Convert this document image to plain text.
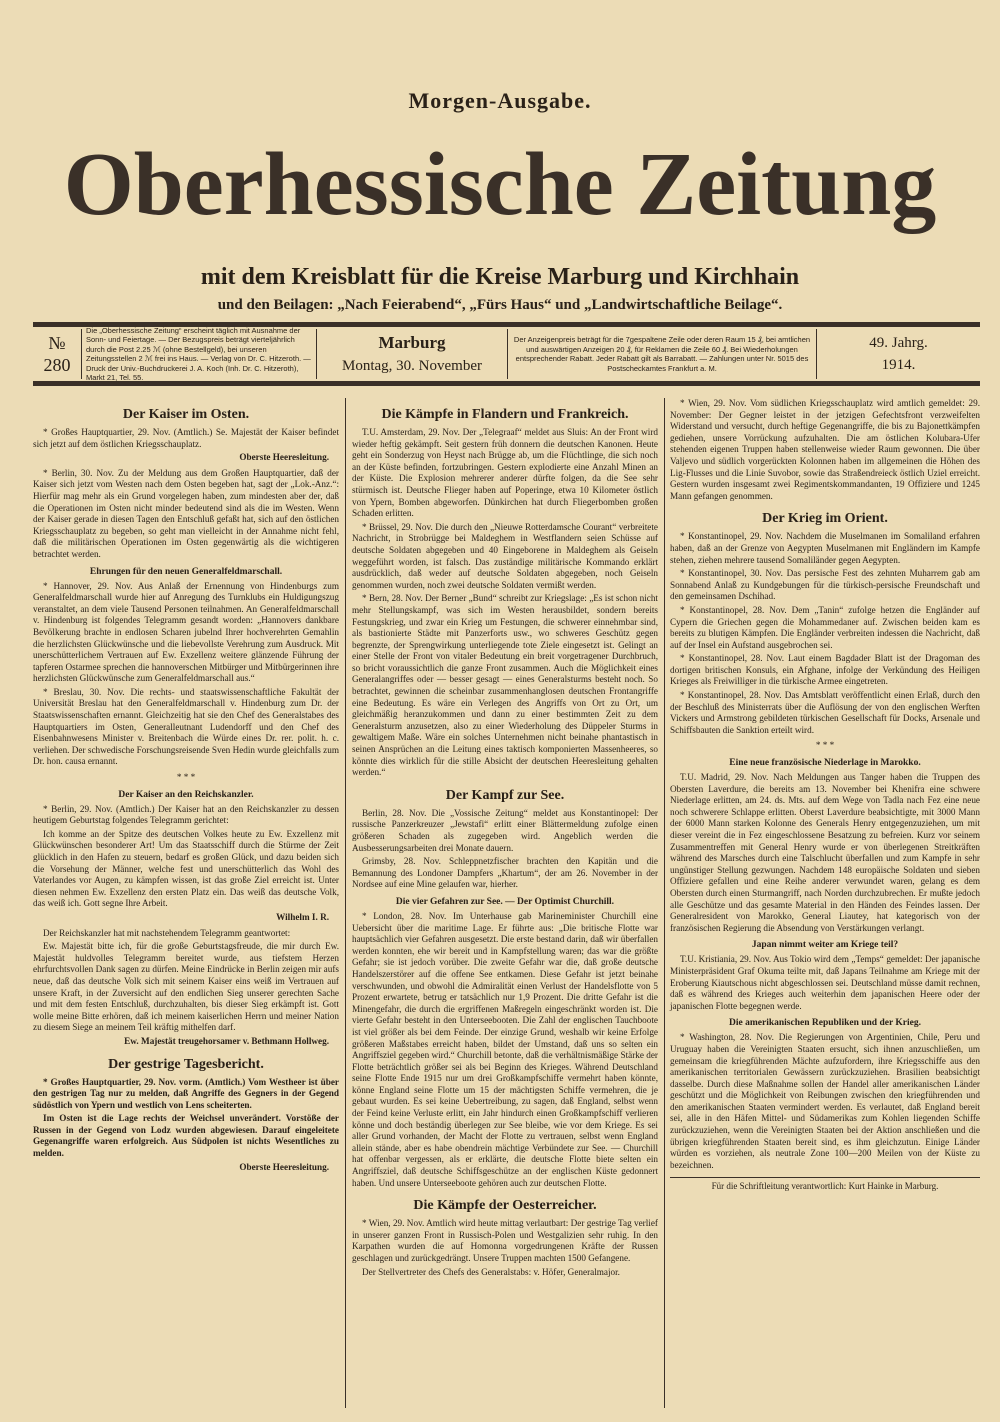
Morgen-Ausgabe.
Oberhessische Zeitung
mit dem Kreisblatt für die Kreise Marburg und Kirchhain
und den Beilagen: „Nach Feierabend“, „Fürs Haus“ und „Landwirtschaftliche Beilage“.
№ 280
Die „Oberhessische Zeitung“ erscheint täglich mit Ausnahme der Sonn- und Feiertage. — Der Bezugspreis beträgt vierteljährlich durch die Post 2.25 ℳ (ohne Bestellgeld), bei unseren Zeitungsstellen 2 ℳ frei ins Haus. — Verlag von Dr. C. Hitzeroth. — Druck der Univ.-Buchdruckerei J. A. Koch (Inh. Dr. C. Hitzeroth), Markt 21, Tel. 55.
Marburg
Montag, 30. November
Der Anzeigenpreis beträgt für die 7gespaltene Zeile oder deren Raum 15 ₰, bei amtlichen und auswärtigen Anzeigen 20 ₰, für Reklamen die Zeile 60 ₰. Bei Wiederholungen entsprechender Rabatt. Jeder Rabatt gilt als Barrabatt. — Zahlungen unter Nr. 5015 des Postscheckamtes Frankfurt a. M.
49. Jahrg.
1914.
Der Kaiser im Osten.

* Großes Hauptquartier, 29. Nov. (Amtlich.) Se. Majestät der Kaiser befindet sich jetzt auf dem östlichen Kriegsschauplatz.

Oberste Heeresleitung.

* Berlin, 30. Nov. Zu der Meldung aus dem Großen Hauptquartier, daß der Kaiser sich jetzt vom Westen nach dem Osten begeben hat, sagt der „Lok.-Anz.“: Hierfür mag mehr als ein Grund vorgelegen haben, zum mindesten aber der, daß die Operationen im Osten nicht minder bedeutend sind als die im Westen. Wenn der Kaiser gerade in diesen Tagen den Entschluß gefaßt hat, sich auf den östlichen Kriegsschauplatz zu begeben, so geht man vielleicht in der Annahme nicht fehl, daß die militärischen Operationen im Osten gegenwärtig als die wichtigeren betrachtet werden.

Ehrungen für den neuen Generalfeldmarschall.

* Hannover, 29. Nov. Aus Anlaß der Ernennung von Hindenburgs zum Generalfeldmarschall wurde hier auf Anregung des Turnklubs ein Huldigungszug veranstaltet, an dem viele Tausend Personen teilnahmen. An Generalfeldmarschall v. Hindenburg ist folgendes Telegramm gesandt worden: „Hannovers dankbare Bevölkerung brachte in endlosen Scharen jubelnd Ihrer hochverehrten Gemahlin die herzlichsten Glückwünsche und die liebevollste Verehrung zum Ausdruck. Mit unerschütterlichem Vertrauen auf Ew. Exzellenz weitere glänzende Führung der tapferen Ostarmee sprechen die hannoverschen Mitbürger und Mitbürgerinnen ihre herzlichsten Glückwünsche zum Generalfeldmarschall aus.“

* Breslau, 30. Nov. Die rechts- und staatswissenschaftliche Fakultät der Universität Breslau hat den Generalfeldmarschall v. Hindenburg zum Dr. der Staatswissenschaften ernannt. Gleichzeitig hat sie den Chef des Generalstabes des Hauptquartiers im Osten, Generalleutnant Ludendorff und den Chef des Eisenbahnwesens Minister v. Breitenbach die Würde eines Dr. rer. polit. h. c. verliehen. Der schwedische Forschungsreisende Sven Hedin wurde gleichfalls zum Dr. hon. causa ernannt.

* * *
Der Kaiser an den Reichskanzler.

* Berlin, 29. Nov. (Amtlich.) Der Kaiser hat an den Reichskanzler zu dessen heutigem Geburtstag folgendes Telegramm gerichtet:

Ich komme an der Spitze des deutschen Volkes heute zu Ew. Exzellenz mit Glückwünschen besonderer Art! Um das Staatsschiff durch die Stürme der Zeit glücklich in den Hafen zu steuern, bedarf es großen Glück, und dazu beiden sich die Vorsehung der Männer, welche fest und unerschütterlich das Wohl des Vaterlandes vor Augen, zu kämpfen wissen, ist das große Ziel erreicht ist. Unter diesen nehmen Ew. Exzellenz den ersten Platz ein. Das weiß das deutsche Volk, das weiß ich. Gott segne Ihre Arbeit.

Wilhelm I. R.

Der Reichskanzler hat mit nachstehendem Telegramm geantwortet:

Ew. Majestät bitte ich, für die große Geburtstagsfreude, die mir durch Ew. Majestät huldvolles Telegramm bereitet wurde, aus tiefstem Herzen ehrfurchtsvollen Dank sagen zu dürfen. Meine Eindrücke in Berlin zeigen mir aufs neue, daß das deutsche Volk sich mit seinem Kaiser eins weiß im Vertrauen auf unsere Kraft, in der Zuversicht auf den endlichen Sieg unserer gerechten Sache und mit dem festen Entschluß, durchzuhalten, bis dieser Sieg erkämpft ist. Gott wolle meine Bitte erhören, daß ich meinem kaiserlichen Herrn und meiner Nation zu diesem Siege an meinem Teil kräftig mithelfen darf.

Ew. Majestät treugehorsamer v. Bethmann Hollweg.
Der gestrige Tagesbericht.

* Großes Hauptquartier, 29. Nov. vorm. (Amtlich.) Vom Westheer ist über den gestrigen Tag nur zu melden, daß Angriffe des Gegners in der Gegend südöstlich von Ypern und westlich von Lens scheiterten.

Im Osten ist die Lage rechts der Weichsel unverändert. Vorstöße der Russen in der Gegend von Lodz wurden abgewiesen. Darauf eingeleitete Gegenangriffe waren erfolgreich. Aus Südpolen ist nichts Wesentliches zu melden.

Oberste Heeresleitung.
Die Kämpfe in Flandern und Frankreich.

T.U. Amsterdam, 29. Nov. Der „Telegraaf“ meldet aus Sluis: An der Front wird wieder heftig gekämpft. Seit gestern früh donnern die deutschen Kanonen. Heute geht ein Sonderzug von Heyst nach Brügge ab, um die Flüchtlinge, die sich noch an der Küste befinden, fortzubringen. Gestern explodierte eine Anzahl Minen an der Küste. Die Explosion mehrerer anderer dürfte folgen, da die See sehr stürmisch ist. Deutsche Flieger haben auf Poperinge, etwa 10 Kilometer östlich von Ypern, Bomben abgeworfen. Dünkirchen hat durch Fliegerbomben großen Schaden erlitten.

* Brüssel, 29. Nov. Die durch den „Nieuwe Rotterdamsche Courant“ verbreitete Nachricht, in Strobrügge bei Maldeghem in Westflandern seien Schüsse auf deutsche Soldaten abgegeben und 40 Eingeborene in Maldeghem als Geiseln weggeführt worden, ist falsch. Das zuständige militärische Kommando erklärt ausdrücklich, daß weder auf deutsche Soldaten abgegeben, noch Geiseln genommen wurden, noch zwei deutsche Soldaten vermißt werden.

* Bern, 28. Nov. Der Berner „Bund“ schreibt zur Kriegslage: „Es ist schon nicht mehr Stellungskampf, was sich im Westen herausbildet, sondern bereits Festungskrieg, und zwar ein Krieg um Festungen, die schwerer einnehmbar sind, als bastionierte Städte mit Panzerforts usw., wo schweres Geschütz gegen begrenzte, der Sprengwirkung unterliegende tote Ziele eingesetzt ist. Gelingt an einer Stelle der Front von vitaler Bedeutung ein breit vorgetragener Durchbruch, so bricht voraussichtlich die ganze Front zusammen. Auch die Möglichkeit eines Generalangriffes oder — besser gesagt — eines Generalsturms besteht noch. So betrachtet, gewinnen die scheinbar zusammenhanglosen deutschen Frontangriffe eine Bedeutung. Es wäre ein Verlegen des Angriffs von Ort zu Ort, um gleichmäßig heranzukommen und dann zu einer bestimmten Zeit zu dem Generalsturm anzusetzen, also zu einer Wiederholung des Düppeler Sturms in gewaltigem Maße. Wäre ein solches Unternehmen nicht beinahe phantastisch in seinen Ansprüchen an die Leitung eines taktisch komponierten Massenheeres, so könnte dies wirklich für die stille Absicht der deutschen Heeresleitung gehalten werden.“

Der Kampf zur See.

Berlin, 28. Nov. Die „Vossische Zeitung“ meldet aus Konstantinopel: Der russische Panzerkreuzer „Jewstafi“ erlitt einer Blättermeldung zufolge einen größeren Schaden als zugegeben wird. Angeblich werden die Ausbesserungsarbeiten drei Monate dauern.

Grimsby, 28. Nov. Schleppnetzfischer brachten den Kapitän und die Bemannung des Londoner Dampfers „Khartum“, der am 26. November in der Nordsee auf eine Mine gelaufen war, hierher.

Die vier Gefahren zur See. — Der Optimist Churchill.

* London, 28. Nov. Im Unterhause gab Marineminister Churchill eine Uebersicht über die maritime Lage. Er führte aus: „Die britische Flotte war hauptsächlich vier Gefahren ausgesetzt. Die erste bestand darin, daß wir überfallen werden konnten, ehe wir bereit und in Kampfstellung waren; das war die größte Gefahr; sie ist jedoch vorüber. Die zweite Gefahr war die, daß große deutsche Handelszerstörer auf die offene See entkamen. Diese Gefahr ist jetzt beinahe verschwunden, und obwohl die Admiralität einen Verlust der Handelsflotte von 5 Prozent erwartete, betrug er tatsächlich nur 1,9 Prozent. Die dritte Gefahr ist die Minengefahr, die durch die ergriffenen Maßregeln eingeschränkt worden ist. Die vierte Gefahr besteht in den Unterseebooten. Die Zahl der englischen Tauchboote ist viel größer als bei dem Feinde. Der einzige Grund, weshalb wir keine Erfolge größeren Maßstabes erreicht haben, bildet der Umstand, daß uns so selten ein Angriffsziel gegeben wird.“ Churchill betonte, daß die verhältnismäßige Stärke der Flotte beträchtlich größer sei als bei Beginn des Krieges. Während Deutschland seine Flotte Ende 1915 nur um drei Großkampfschiffe vermehrt haben könnte, könne England seine Flotte um 15 der mächtigsten Schiffe vermehren, die je gebaut wurden. Es sei keine Uebertreibung, zu sagen, daß England, selbst wenn der Feind keine Verluste erlitt, ein Jahr hindurch einen Großkampfschiff verlieren könne und doch beständig überlegen zur See bleibe, wie vor dem Kriege. Es sei aller Grund vorhanden, der Macht der Flotte zu vertrauen, selbst wenn England allein stände, aber es habe obendrein mächtige Verbündete zur See. — Churchill hat offenbar vergessen, als er erklärte, die deutsche Flotte biete selten ein Angriffsziel, daß deutsche Schiffsgeschütze an der englischen Küste gedonnert haben. Und unsere Unterseeboote gehören auch zur deutschen Flotte.

Die Kämpfe der Oesterreicher.

* Wien, 29. Nov. Amtlich wird heute mittag verlautbart: Der gestrige Tag verlief in unserer ganzen Front in Russisch-Polen und Westgalizien sehr ruhig. In den Karpathen wurden die auf Homonna vorgedrungenen Kräfte der Russen geschlagen und zurückgedrängt. Unsere Truppen machten 1500 Gefangene.

Der Stellvertreter des Chefs des Generalstabs: v. Höfer, Generalmajor.

* Wien, 29. Nov. Vom südlichen Kriegsschauplatz wird amtlich gemeldet: 29. November: Der Gegner leistet in der jetzigen Gefechtsfront verzweifelten Widerstand und versucht, durch heftige Gegenangriffe, die bis zu Bajonettkämpfen gediehen, unsere Vorrückung aufzuhalten. Die am östlichen Kolubara-Ufer stehenden eigenen Truppen haben stellenweise wieder Raum gewonnen. Die über Valjevo und südlich vorgerückten Kolonnen haben im allgemeinen die Höhen des Lig-Flusses und die Linie Suvobor, sowie das Straßendreieck östlich Uziel erreicht. Gestern wurden insgesamt zwei Regimentskommandanten, 19 Offiziere und 1245 Mann gefangen genommen.

Der Krieg im Orient.

* Konstantinopel, 29. Nov. Nachdem die Muselmanen im Somaliland erfahren haben, daß an der Grenze von Aegypten Muselmanen mit Engländern im Kampfe stehen, ziehen mehrere tausend Somaliländer gegen Aegypten.

* Konstantinopel, 30. Nov. Das persische Fest des zehnten Muharrem gab am Sonnabend Anlaß zu Kundgebungen für die türkisch-persische Freundschaft und den gemeinsamen Dschihad.

* Konstantinopel, 28. Nov. Dem „Tanin“ zufolge hetzen die Engländer auf Cypern die Griechen gegen die Mohammedaner auf. Zwischen beiden kam es bereits zu blutigen Kämpfen. Die Engländer verbreiten indessen die Nachricht, daß auf der Insel ein Aufstand ausgebrochen sei.

* Konstantinopel, 28. Nov. Laut einem Bagdader Blatt ist der Dragoman des dortigen britischen Konsuls, ein Afghane, infolge der Verkündung des Heiligen Krieges als Freiwilliger in die türkische Armee eingetreten.

* Konstantinopel, 28. Nov. Das Amtsblatt veröffentlicht einen Erlaß, durch den der Beschluß des Ministerrats über die Auflösung der von den englischen Werften Vickers und Armstrong gebildeten türkischen Gesellschaft für Docks, Arsenale und Schiffsbauten die Sanktion erteilt wird.

* * *
Eine neue französische Niederlage in Marokko.

T.U. Madrid, 29. Nov. Nach Meldungen aus Tanger haben die Truppen des Obersten Laverdure, die bereits am 13. November bei Khenifra eine schwere Niederlage erlitten, am 24. ds. Mts. auf dem Wege von Tadla nach Fez eine neue noch schwerere Schlappe erlitten. Oberst Laverdure beabsichtigte, mit 3000 Mann der 6000 Mann starken Kolonne des Generals Henry entgegenzuziehen, um mit dieser vereint die in Fez eingeschlossene Besatzung zu befreien. Kurz vor seinem Zusammentreffen mit General Henry wurde er von überlegenen Streitkräften während des Marsches durch eine Talschlucht überfallen und zum Kampfe in sehr ungünstiger Stellung gezwungen. Nachdem 148 europäische Soldaten und sieben Offiziere gefallen und eine Reihe anderer verwundet waren, gelang es dem Obersten durch einen Sturmangriff, nach Norden durchzubrechen. Er mußte jedoch alle Geschütze und das gesamte Material in den Händen des Feindes lassen. Der Generalresident von Marokko, General Liautey, hat kategorisch von der französischen Regierung die Absendung von Verstärkungen verlangt.

Japan nimmt weiter am Kriege teil?

T.U. Kristiania, 29. Nov. Aus Tokio wird dem „Temps“ gemeldet: Der japanische Ministerpräsident Graf Okuma teilte mit, daß Japans Teilnahme am Kriege mit der Eroberung Kiautschous nicht abgeschlossen sei. Deutschland müsse damit rechnen, daß es während des Krieges auch weiterhin dem japanischen Heere oder der japanischen Flotte begegnen werde.

Die amerikanischen Republiken und der Krieg.

* Washington, 28. Nov. Die Regierungen von Argentinien, Chile, Peru und Uruguay haben die Vereinigten Staaten ersucht, sich ihnen anzuschließen, um gemeinsam die kriegführenden Mächte aufzufordern, ihre Kriegsschiffe aus den amerikanischen territorialen Gewässern zurückzuziehen. Brasilien beabsichtigt dasselbe. Durch diese Maßnahme sollen der Handel aller amerikanischen Länder geschützt und die Möglichkeit von Reibungen zwischen den kriegführenden und den amerikanischen Staaten vermindert werden. Es verlautet, daß England bereit sei, alle in den Häfen Mittel- und Südamerikas zum Kohlen liegenden Schiffe zurückzuziehen, wenn die Vereinigten Staaten bei der Aktion anschließen und die übrigen kriegführenden Staaten bereit sind, es ihm gleichzutun. Einige Länder würden es vorziehen, als neutrale Zone 100—200 Meilen von der Küste zu bezeichnen.

Für die Schriftleitung verantwortlich: Kurt Hainke in Marburg.
